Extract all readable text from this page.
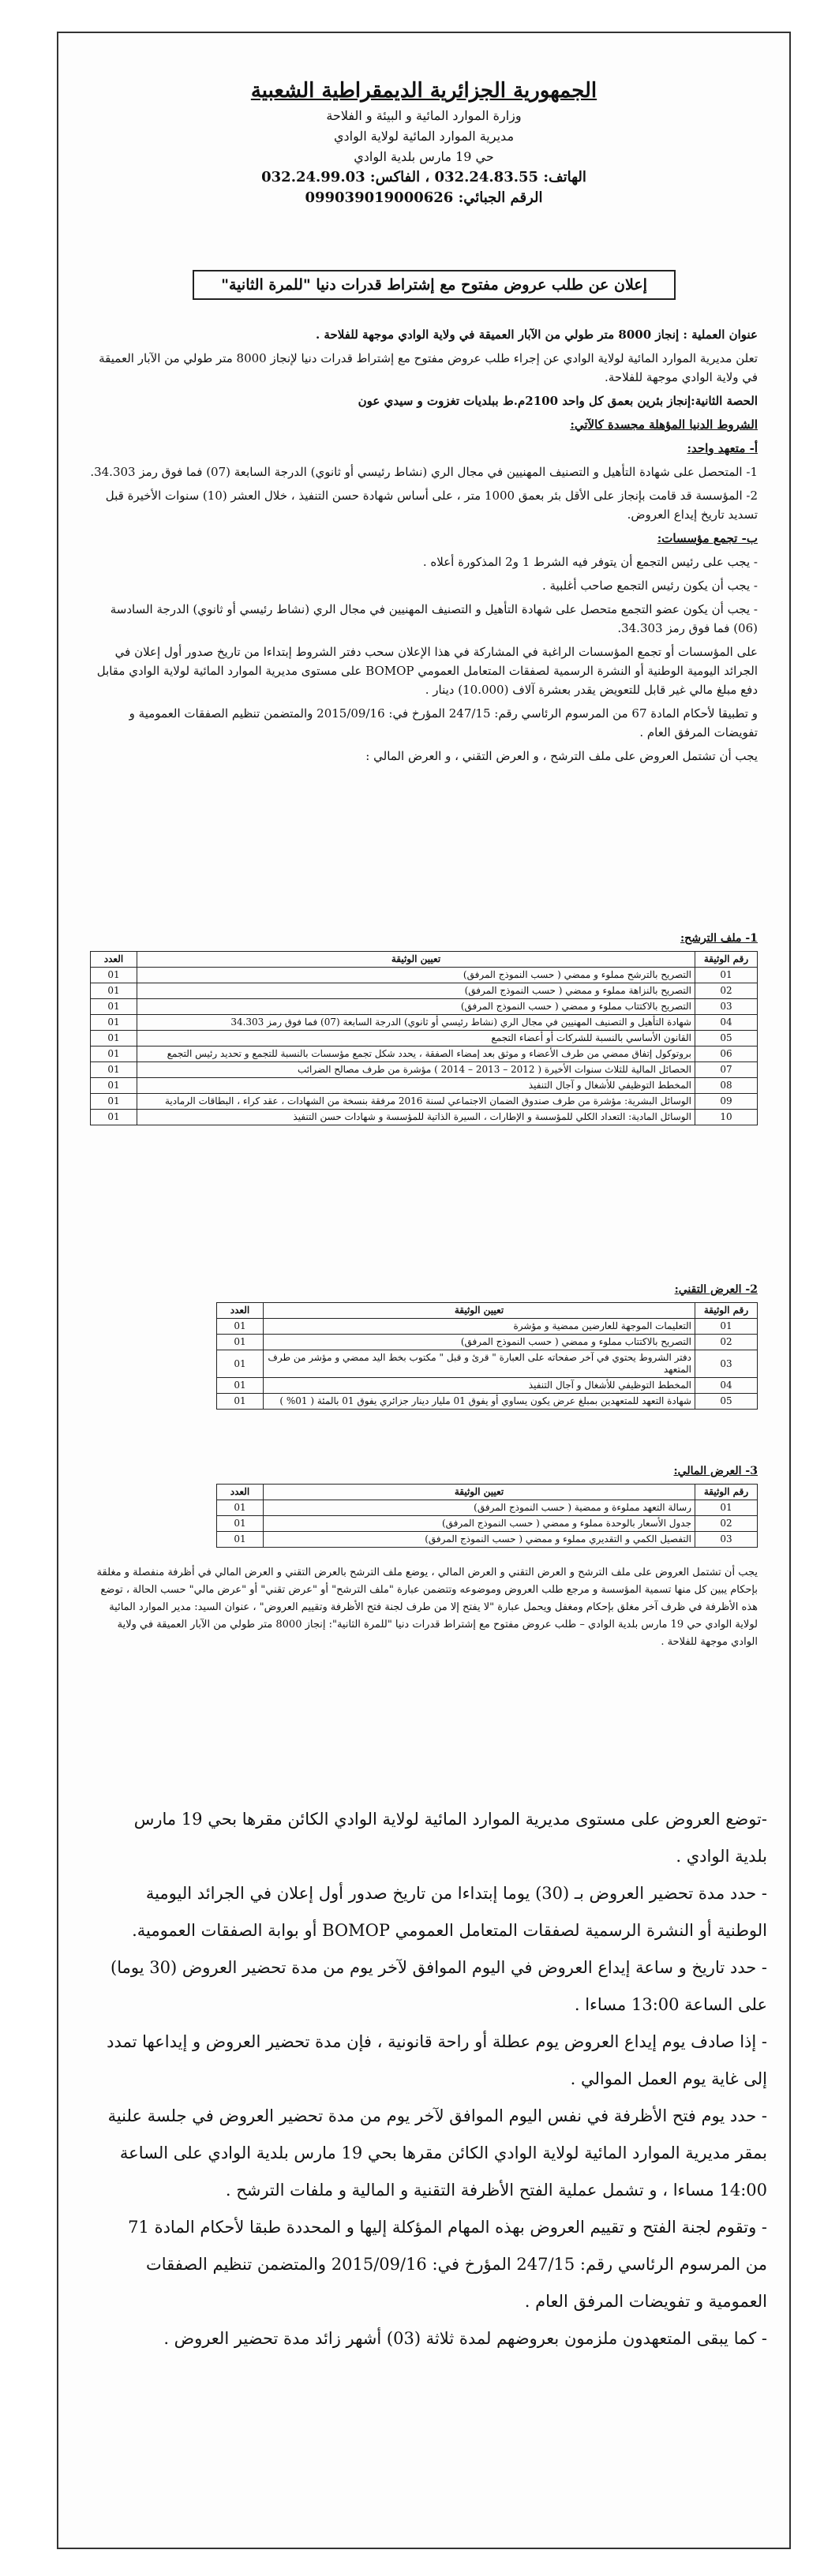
الجمهورية الجزائرية الديمقراطية الشعبية
وزارة الموارد المائية و البيئة و الفلاحة
مديرية الموارد المائية لولاية الوادي
حي 19 مارس بلدية الوادي
الهاتف: 032.24.83.55 ، الفاكس: 032.24.99.03
الرقم الجبائي: 099039019000626
إعلان عن طلب عروض مفتوح مع إشتراط قدرات دنيا "للمرة الثانية"

عنوان العملية : إنجاز 8000 متر طولي من الآبار العميقة في ولاية الوادي موجهة للفلاحة .

تعلن مديرية الموارد المائية لولاية الوادي عن إجراء طلب عروض مفتوح مع إشتراط قدرات دنيا لإنجاز 8000 متر طولي من الآبار العميقة في ولاية الوادي موجهة للفلاحة.

الحصة الثانية:إنجاز بئرين بعمق كل واحد 2100م.ط ببلديات تغزوت و سيدي عون

الشروط الدنيا المؤهلة مجسدة كالآتي:

أ- متعهد واحد:

1- المتحصل على شهادة التأهيل و التصنيف المهنيين في مجال الري (نشاط رئيسي أو ثانوي) الدرجة السابعة (07) فما فوق رمز 34.303.

2- المؤسسة قد قامت بإنجاز على الأقل بئر بعمق 1000 متر ، على أساس شهادة حسن التنفيذ ، خلال العشر (10) سنوات الأخيرة قبل تسديد تاريخ إيداع العروض.

ب- تجمع مؤسسات:

- يجب على رئيس التجمع أن يتوفر فيه الشرط 1 و2 المذكورة أعلاه .

- يجب أن يكون رئيس التجمع صاحب أغلبية .

- يجب أن يكون عضو التجمع متحصل على شهادة التأهيل و التصنيف المهنيين في مجال الري (نشاط رئيسي أو ثانوي) الدرجة السادسة (06) فما فوق رمز 34.303.

على المؤسسات أو تجمع المؤسسات الراغبة في المشاركة في هذا الإعلان سحب دفتر الشروط إبتداءا من تاريخ صدور أول إعلان في الجرائد اليومية الوطنية أو النشرة الرسمية لصفقات المتعامل العمومي BOMOP على مستوى مديرية الموارد المائية لولاية الوادي مقابل دفع مبلغ مالي غير قابل للتعويض يقدر بعشرة آلاف (10.000) دينار .

و تطبيقا لأحكام المادة 67 من المرسوم الرئاسي رقم: 247/15 المؤرخ في: 2015/09/16 والمتضمن تنظيم الصفقات العمومية و تفويضات المرفق العام .

يجب أن تشتمل العروض على ملف الترشح ، و العرض التقني ، و العرض المالي :

1- ملف الترشح:
رقم الوثيقة	تعيين الوثيقة	العدد
01	التصريح بالترشح مملوء و ممضي ( حسب النموذج المرفق)	01
02	التصريح بالنزاهة مملوء و ممضي ( حسب النموذج المرفق)	01
03	التصريح بالاكتتاب مملوء و ممضي ( حسب النموذج المرفق)	01
04	شهادة التأهيل و التصنيف المهنيين في مجال الري (نشاط رئيسي أو ثانوي) الدرجة السابعة (07) فما فوق رمز 34.303	01
05	القانون الأساسي بالنسبة للشركات أو أعضاء التجمع	01
06	بروتوكول إتفاق ممضي من طرف الأعضاء و موثق بعد إمضاء الصفقة ، يحدد شكل تجمع مؤسسات بالنسبة للتجمع و تحديد رئيس التجمع	01
07	الحصائل المالية للثلاث سنوات الأخيرة ( 2012 – 2013 – 2014 ) مؤشرة من طرف مصالح الضرائب	01
08	المخطط التوظيفي للأشغال و آجال التنفيذ	01
09	الوسائل البشرية: مؤشرة من طرف صندوق الضمان الاجتماعي لسنة 2016 مرفقة بنسخة من الشهادات ، عقد كراء ، البطاقات الرمادية	01
10	الوسائل المادية: التعداد الكلي للمؤسسة و الإطارات ، السيرة الذاتية للمؤسسة و شهادات حسن التنفيذ	01
2- العرض التقني:
رقم الوثيقة	تعيين الوثيقة	العدد
01	التعليمات الموجهة للعارضين ممضية و مؤشرة	01
02	التصريح بالاكتتاب مملوء و ممضي ( حسب النموذج المرفق)	01
03	دفتر الشروط يحتوي في آخر صفحاته على العبارة " قرئ و قبل " مكتوب بخط اليد ممضي و مؤشر من طرف المتعهد	01
04	المخطط التوظيفي للأشغال و آجال التنفيذ	01
05	شهادة التعهد للمتعهدين بمبلغ عرض يكون يساوي أو يفوق 01 مليار دينار جزائري يفوق 01 بالمئة ( 01% )	01
3- العرض المالي:
رقم الوثيقة	تعيين الوثيقة	العدد
01	رسالة التعهد مملوءة و ممضية ( حسب النموذج المرفق)	01
02	جدول الأسعار بالوحدة مملوء و ممضي ( حسب النموذج المرفق)	01
03	التفصيل الكمي و التقديري مملوء و ممضي ( حسب النموذج المرفق)	01
يجب أن تشتمل العروض على ملف الترشح و العرض التقني و العرض المالي ، يوضع ملف الترشح بالعرض التقني و العرض المالي في أظرفة منفصلة و مغلقة بإحكام يبين كل منها تسمية المؤسسة و مرجع طلب العروض وموضوعه وتتضمن عبارة "ملف الترشح" أو "عرض تقني" أو "عرض مالي" حسب الحالة ، توضع هذه الأظرفة في ظرف آخر مغلق بإحكام ومغفل ويحمل عبارة "لا يفتح إلا من طرف لجنة فتح الأظرفة وتقييم العروض" ، عنوان السيد: مدير الموارد المائية لولاية الوادي حي 19 مارس بلدية الوادي – طلب عروض مفتوح مع إشتراط قدرات دنيا "للمرة الثانية": إنجاز 8000 متر طولي من الآبار العميقة في ولاية الوادي موجهة للفلاحة .

-توضع العروض على مستوى مديرية الموارد المائية لولاية الوادي الكائن مقرها بحي 19 مارس بلدية الوادي .

- حدد مدة تحضير العروض بـ (30) يوما إبتداءا من تاريخ صدور أول إعلان في الجرائد اليومية الوطنية أو النشرة الرسمية لصفقات المتعامل العمومي BOMOP أو بوابة الصفقات العمومية.

- حدد تاريخ و ساعة إيداع العروض في اليوم الموافق لآخر يوم من مدة تحضير العروض (30 يوما) على الساعة 13:00 مساءا .

- إذا صادف يوم إيداع العروض يوم عطلة أو راحة قانونية ، فإن مدة تحضير العروض و إيداعها تمدد إلى غاية يوم العمل الموالي .

- حدد يوم فتح الأظرفة في نفس اليوم الموافق لآخر يوم من مدة تحضير العروض في جلسة علنية بمقر مديرية الموارد المائية لولاية الوادي الكائن مقرها بحي 19 مارس بلدية الوادي على الساعة 14:00 مساءا ، و تشمل عملية الفتح الأظرفة التقنية و المالية و ملفات الترشح .

- وتقوم لجنة الفتح و تقييم العروض بهذه المهام المؤكلة إليها و المحددة طبقا لأحكام المادة 71 من المرسوم الرئاسي رقم: 247/15 المؤرخ في: 2015/09/16 والمتضمن تنظيم الصفقات العمومية و تفويضات المرفق العام .

- كما يبقى المتعهدون ملزمون بعروضهم لمدة ثلاثة (03) أشهر زائد مدة تحضير العروض .
